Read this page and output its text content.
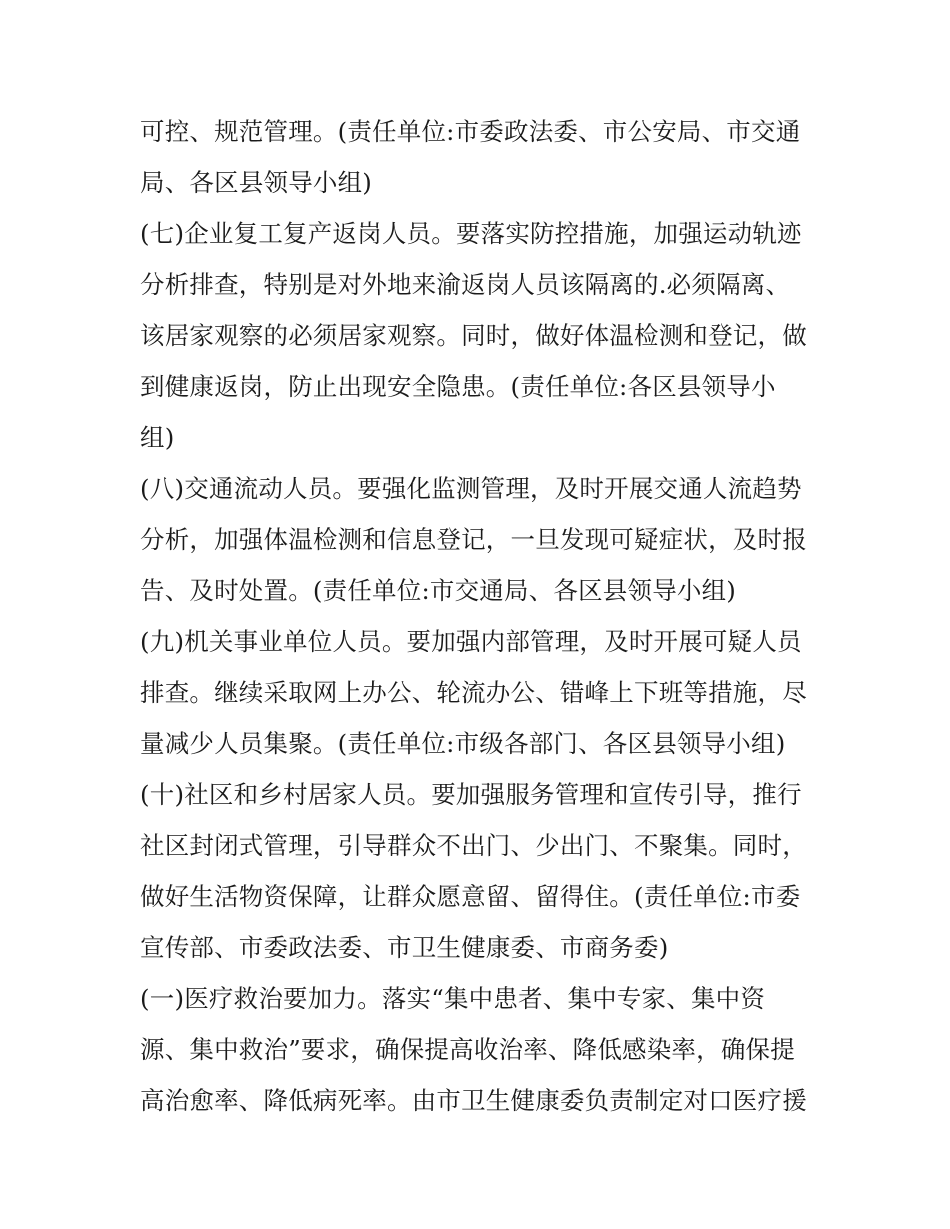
可控、规范管理。(责任单位:市委政法委、市公安局、市交通
局、各区县领导小组)
(七)企业复工复产返岗人员。要落实防控措施，加强运动轨迹
分析排查，特别是对外地来渝返岗人员该隔离的.必须隔离、
该居家观察的必须居家观察。同时，做好体温检测和登记，做
到健康返岗，防止出现安全隐患。(责任单位:各区县领导小
组)
(八)交通流动人员。要强化监测管理，及时开展交通人流趋势
分析，加强体温检测和信息登记，一旦发现可疑症状，及时报
告、及时处置。(责任单位:市交通局、各区县领导小组)
(九)机关事业单位人员。要加强内部管理，及时开展可疑人员
排查。继续采取网上办公、轮流办公、错峰上下班等措施，尽
量减少人员集聚。(责任单位:市级各部门、各区县领导小组)
(十)社区和乡村居家人员。要加强服务管理和宣传引导，推行
社区封闭式管理，引导群众不出门、少出门、不聚集。同时，
做好生活物资保障，让群众愿意留、留得住。(责任单位:市委
宣传部、市委政法委、市卫生健康委、市商务委)
(一)医疗救治要加力。落实“集中患者、集中专家、集中资
源、集中救治”要求，确保提高收治率、降低感染率，确保提
高治愈率、降低病死率。由市卫生健康委负责制定对口医疗援
